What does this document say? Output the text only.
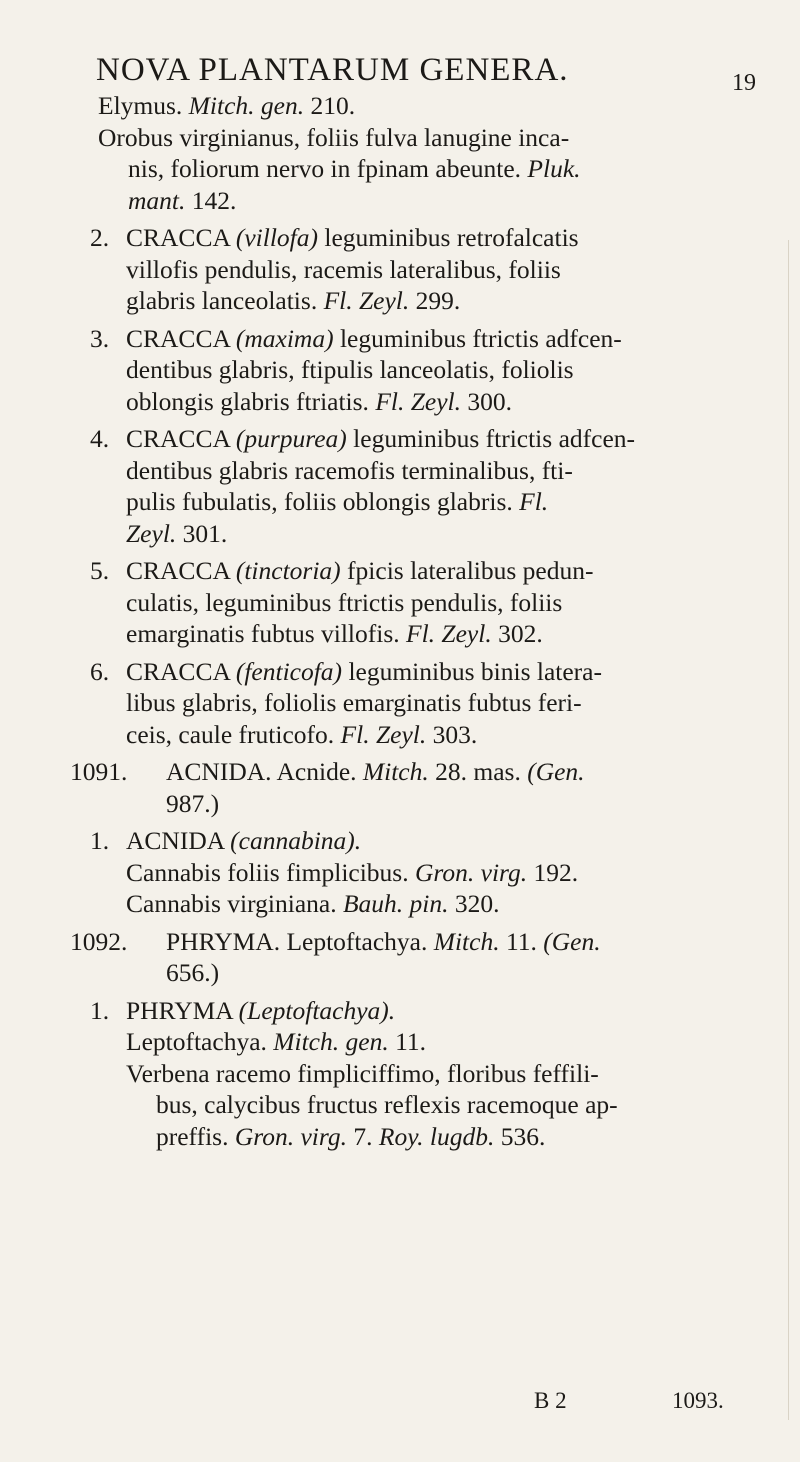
NOVA PLANTARUM GENERA.	19
Elymus. Mitch. gen. 210.
Orobus virginianus, foliis fulva lanugine inca-
nis, foliorum nervo in fpinam abeunte. Pluk.
mant. 142.
2. CRACCA (villofa) leguminibus retrofalcatis
villofis pendulis, racemis lateralibus, foliis
glabris lanceolatis. Fl. Zeyl. 299.
3. CRACCA (maxima) leguminibus ftrictis adfcen-
dentibus glabris, ftipulis lanceolatis, foliolis
oblongis glabris ftriatis. Fl. Zeyl. 300.
4. CRACCA (purpurea) leguminibus ftrictis adfcen-
dentibus glabris racemofis terminalibus, fti-
pulis fubulatis, foliis oblongis glabris. Fl.
Zeyl. 301.
5. CRACCA (tinctoria) fpicis lateralibus pedun-
culatis, leguminibus ftrictis pendulis, foliis
emarginatis fubtus villofis. Fl. Zeyl. 302.
6. CRACCA (fenticofa) leguminibus binis latera-
libus glabris, foliolis emarginatis fubtus feri-
ceis, caule fruticofo. Fl. Zeyl. 303.
1091.	ACNIDA. Acnide. Mitch. 28. mas. (Gen.
987.)
1. ACNIDA (cannabina).
Cannabis foliis fimplicibus. Gron. virg. 192.
Cannabis virginiana. Bauh. pin. 320.
1092.	PHRYMA. Leptoftachya. Mitch. 11. (Gen.
656.)
1. PHRYMA (Leptoftachya).
Leptoftachya. Mitch. gen. 11.
Verbena racemo fimpliciffimo, floribus feffili-
bus, calycibus fructus reflexis racemoque ap-
preffis. Gron. virg. 7. Roy. lugdb. 536.
B 2	1093.
